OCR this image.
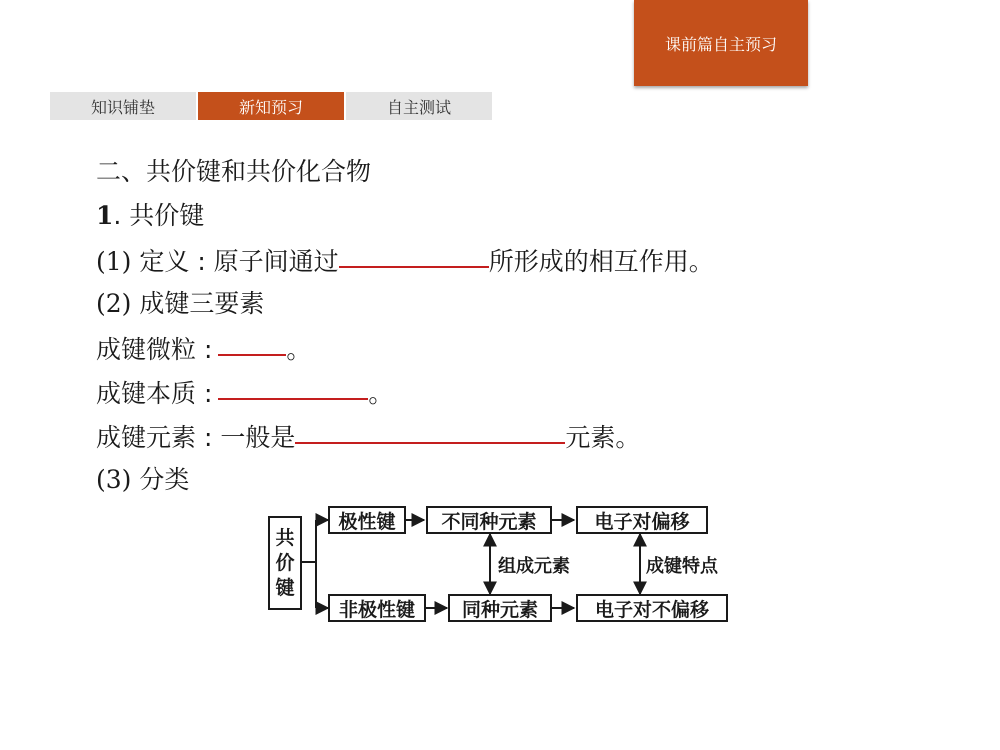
课前篇自主预习
知识铺垫	新知预习	自主测试
二、共价键和共价化合物
1. 共价键
(1) 定义 : 原子间通过	所形成的相互作用。
(2) 成键三要素
成键微粒 :	。
成键本质 :	。
成键元素 : 一般是	元素。
(3) 分类
共
价
键
极性键
非极性键
不同种元素
同种元素
电子对偏移
电子对不偏移
组成元素	成键特点
